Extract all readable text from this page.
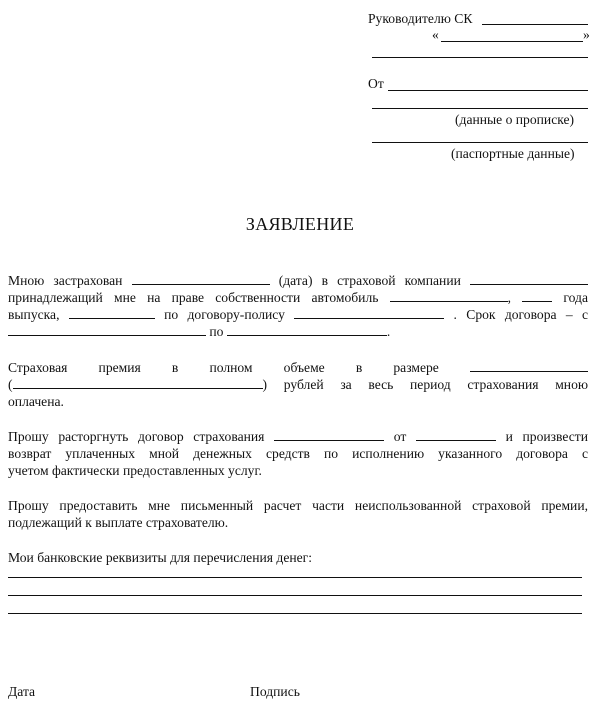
Руководителю СК
«	»
От
(данные о прописке)
(паспортные данные)
ЗАЯВЛЕНИЕ
Мною застрахован	(дата) в страховой компании
принадлежащий мне на праве собственности автомобиль	,	года
выпуска,	по договору-полису	. Срок договора – с
по	.
Страховая премия в полном объеме в размере
(	) рублей за весь период страхования мною
оплачена.
Прошу расторгнуть договор страхования	от	и произвести
возврат уплаченных мной денежных средств по исполнению указанного договора с
учетом фактически предоставленных услуг.
Прошу предоставить мне письменный расчет части неиспользованной страховой премии,
подлежащий к выплате страхователю.
Мои банковские реквизиты для перечисления денег:
Дата	Подпись
